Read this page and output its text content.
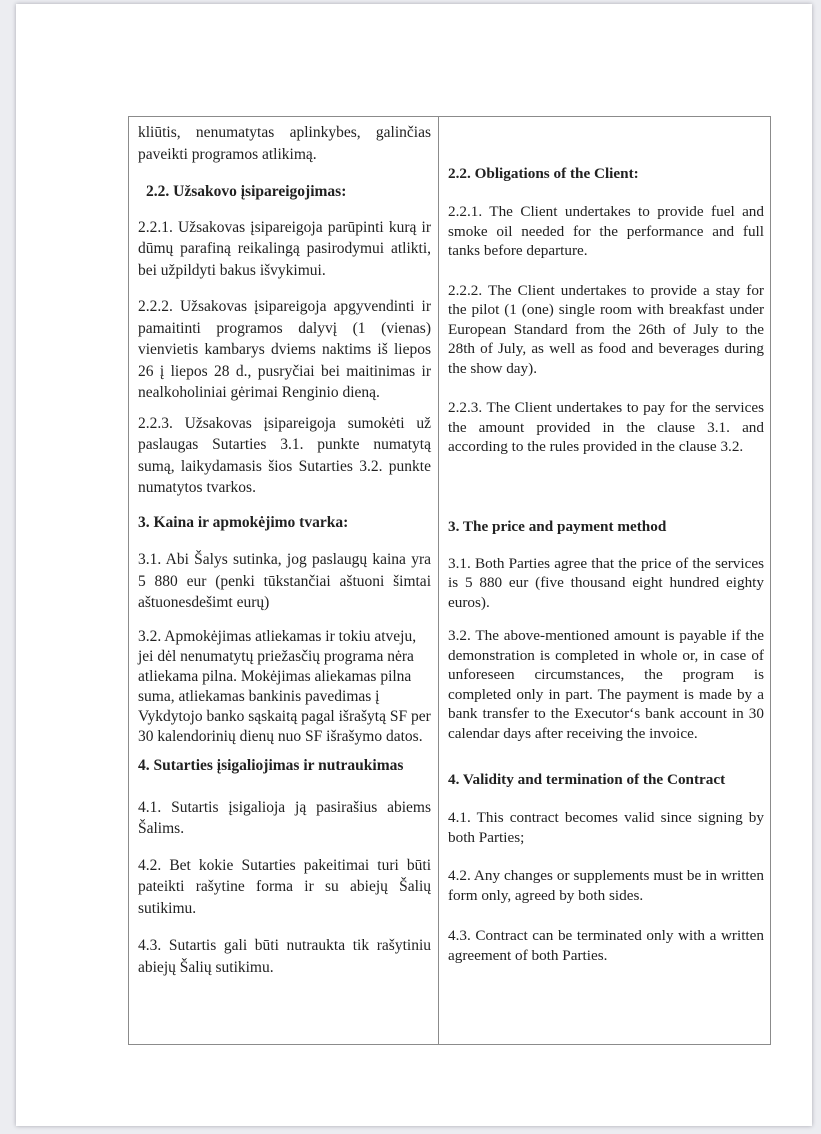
kliūtis, nenumatytas aplinkybes, galinčias paveikti programos atlikimą.

2.2. Užsakovo įsipareigojimas:

2.2.1. Užsakovas įsipareigoja parūpinti kurą ir dūmų parafiną reikalingą pasirodymui atlikti, bei užpildyti bakus išvykimui.

2.2.2. Užsakovas įsipareigoja apgyvendinti ir pamaitinti programos dalyvį (1 (vienas) vienvietis kambarys dviems naktims iš liepos 26 į liepos 28 d., pusryčiai bei maitinimas ir nealkoholiniai gėrimai Renginio dieną.

2.2.3. Užsakovas įsipareigoja sumokėti už paslaugas Sutarties 3.1. punkte numatytą sumą, laikydamasis šios Sutarties 3.2. punkte numatytos tvarkos.

3. Kaina ir apmokėjimo tvarka:

3.1. Abi Šalys sutinka, jog paslaugų kaina yra 5 880 eur (penki tūkstančiai aštuoni šimtai aštuonesdešimt eurų)

3.2. Apmokėjimas atliekamas ir tokiu atveju, jei dėl nenumatytų priežasčių programa nėra atliekama pilna. Mokėjimas aliekamas pilna suma, atliekamas bankinis pavedimas į Vykdytojo banko sąskaitą pagal išrašytą SF per 30 kalendorinių dienų nuo SF išrašymo datos.

4. Sutarties įsigaliojimas ir nutraukimas

4.1. Sutartis įsigalioja ją pasirašius abiems Šalims.

4.2. Bet kokie Sutarties pakeitimai turi būti pateikti rašytine forma ir su abiejų Šalių sutikimu.

4.3. Sutartis gali būti nutraukta tik rašytiniu abiejų Šalių sutikimu.

2.2. Obligations of the Client:

2.2.1. The Client undertakes to provide fuel and smoke oil needed for the performance and full tanks before departure.

2.2.2. The Client undertakes to provide a stay for the pilot (1 (one) single room with breakfast under European Standard from the 26th of July to the 28th of July, as well as food and beverages during the show day).

2.2.3. The Client undertakes to pay for the services the amount provided in the clause 3.1. and according to the rules provided in the clause 3.2.

3. The price and payment method

3.1. Both Parties agree that the price of the services is 5 880 eur (five thousand eight hundred eighty euros).

3.2. The above-mentioned amount is payable if the demonstration is completed in whole or, in case of unforeseen circumstances, the program is completed only in part. The payment is made by a bank transfer to the Executor‘s bank account in 30 calendar days after receiving the invoice.

4. Validity and termination of the Contract

4.1. This contract becomes valid since signing by both Parties;

4.2. Any changes or supplements must be in written form only, agreed by both sides.

4.3. Contract can be terminated only with a written agreement of both Parties.
